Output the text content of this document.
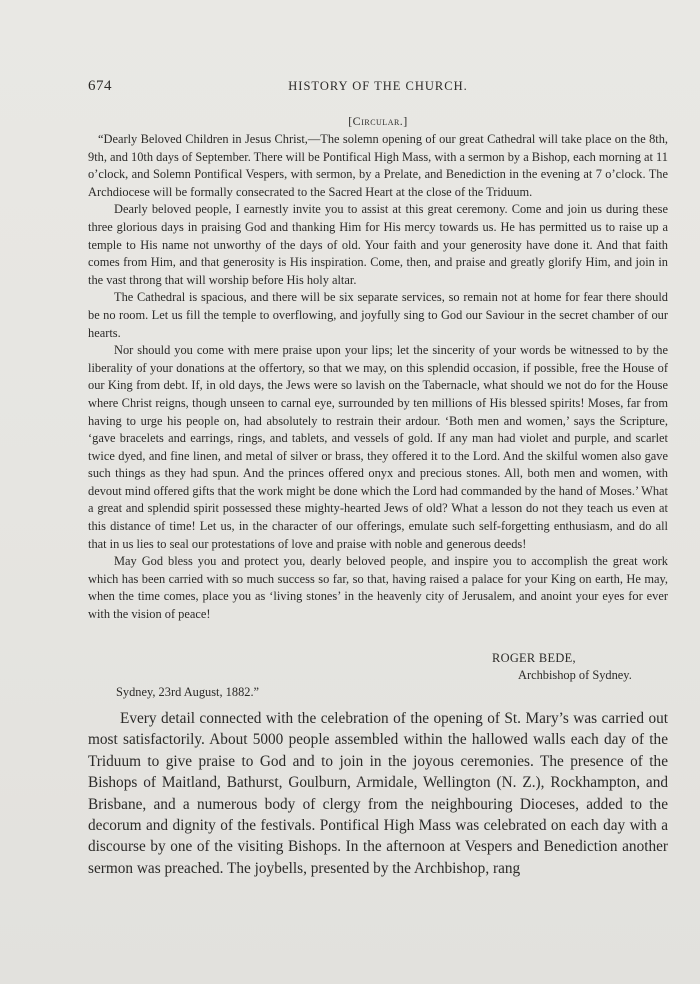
674	HISTORY OF THE CHURCH.
[Circular.]

“Dearly Beloved Children in Jesus Christ,—The solemn opening of our great Cathedral will take place on the 8th, 9th, and 10th days of September. There will be Pontifical High Mass, with a sermon by a Bishop, each morning at 11 o’clock, and Solemn Pontifical Vespers, with sermon, by a Prelate, and Benediction in the evening at 7 o’clock. The Archdiocese will be formally consecrated to the Sacred Heart at the close of the Triduum.

Dearly beloved people, I earnestly invite you to assist at this great ceremony. Come and join us during these three glorious days in praising God and thanking Him for His mercy towards us. He has permitted us to raise up a temple to His name not unworthy of the days of old. Your faith and your generosity have done it. And that faith comes from Him, and that generosity is His inspiration. Come, then, and praise and greatly glorify Him, and join in the vast throng that will worship before His holy altar.

The Cathedral is spacious, and there will be six separate services, so remain not at home for fear there should be no room. Let us fill the temple to overflowing, and joyfully sing to God our Saviour in the secret chamber of our hearts.

Nor should you come with mere praise upon your lips; let the sincerity of your words be witnessed to by the liberality of your donations at the offertory, so that we may, on this splendid occasion, if possible, free the House of our King from debt. If, in old days, the Jews were so lavish on the Tabernacle, what should we not do for the House where Christ reigns, though unseen to carnal eye, surrounded by ten millions of His blessed spirits! Moses, far from having to urge his people on, had absolutely to restrain their ardour. ‘Both men and women,’ says the Scripture, ‘gave bracelets and earrings, rings, and tablets, and vessels of gold. If any man had violet and purple, and scarlet twice dyed, and fine linen, and metal of silver or brass, they offered it to the Lord. And the skilful women also gave such things as they had spun. And the princes offered onyx and precious stones. All, both men and women, with devout mind offered gifts that the work might be done which the Lord had commanded by the hand of Moses.’ What a great and splendid spirit possessed these mighty-hearted Jews of old? What a lesson do not they teach us even at this distance of time! Let us, in the character of our offerings, emulate such self-forgetting enthusiasm, and do all that in us lies to seal our protestations of love and praise with noble and generous deeds!

May God bless you and protect you, dearly beloved people, and inspire you to accomplish the great work which has been carried with so much success so far, so that, having raised a palace for your King on earth, He may, when the time comes, place you as ‘living stones’ in the heavenly city of Jerusalem, and anoint your eyes for ever with the vision of peace!

ROGER BEDE,
Archbishop of Sydney.
Sydney, 23rd August, 1882.”

Every detail connected with the celebration of the opening of St. Mary’s was carried out most satisfactorily. About 5000 people assembled within the hallowed walls each day of the Triduum to give praise to God and to join in the joyous ceremonies. The presence of the Bishops of Maitland, Bathurst, Goulburn, Armidale, Wellington (N. Z.), Rockhampton, and Brisbane, and a numerous body of clergy from the neighbouring Dioceses, added to the decorum and dignity of the festivals. Pontifical High Mass was celebrated on each day with a discourse by one of the visiting Bishops. In the afternoon at Vespers and Benediction another sermon was preached. The joybells, presented by the Archbishop, rang
